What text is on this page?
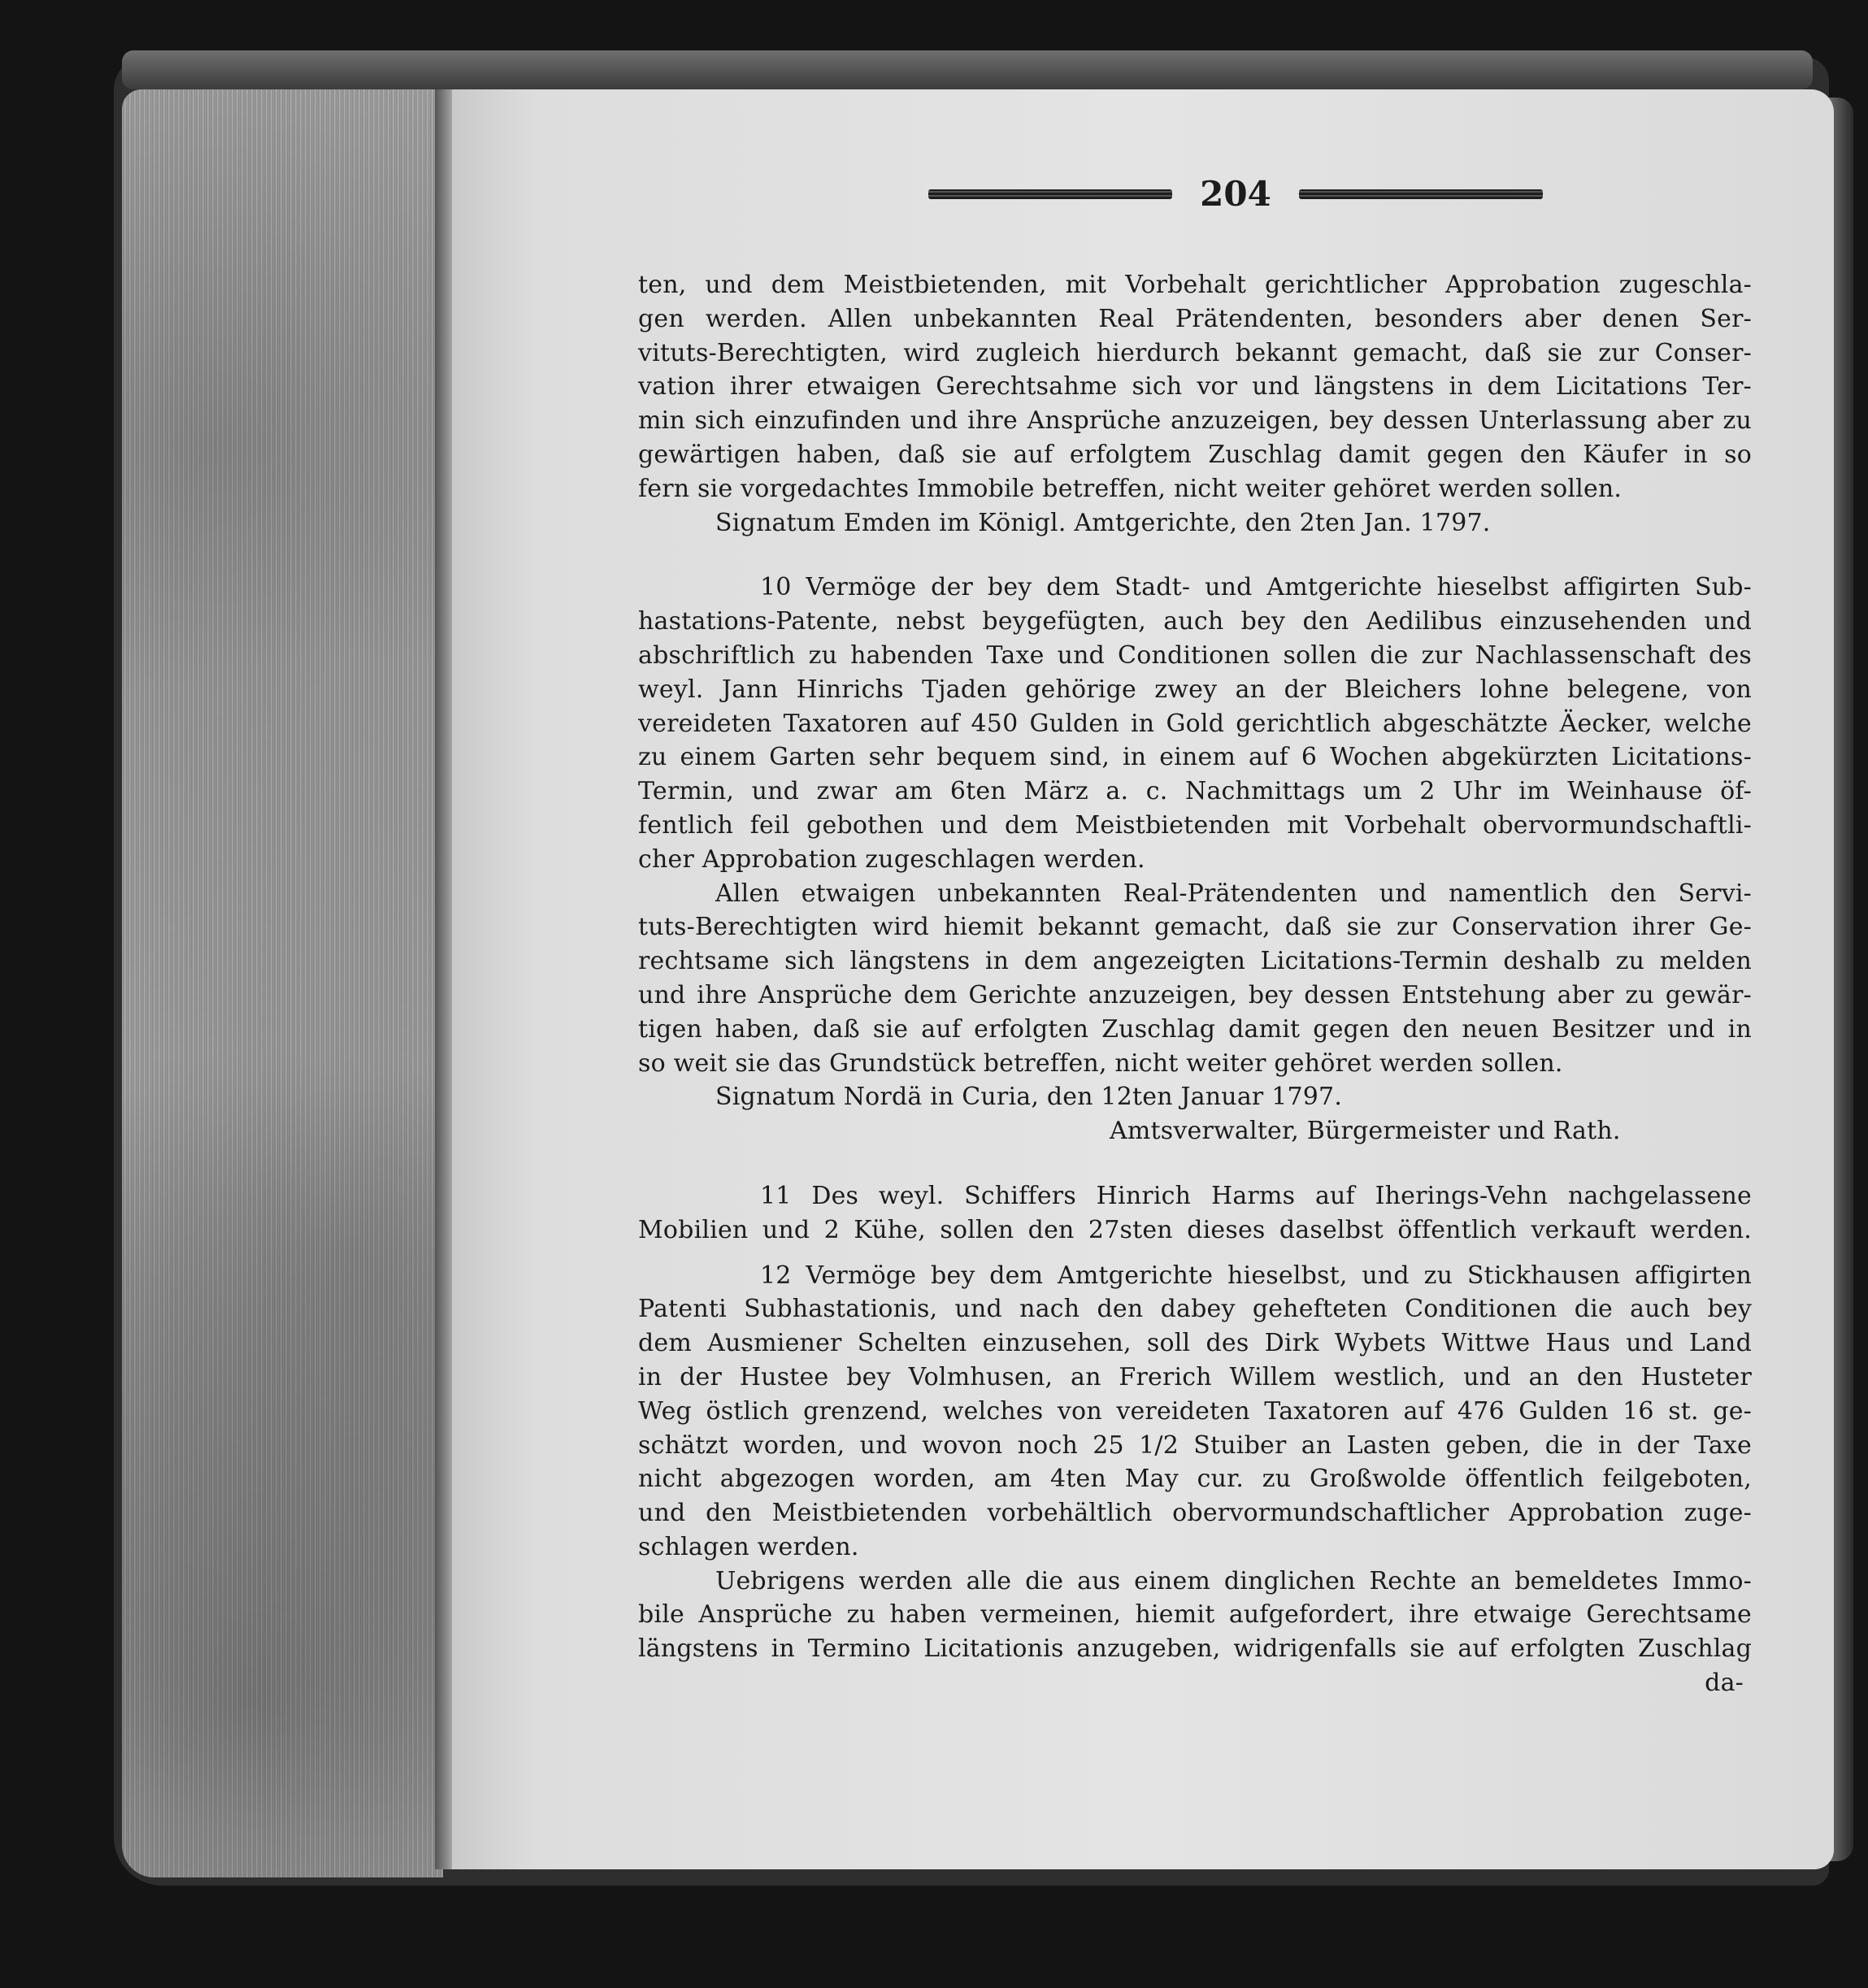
204
ten, und dem Meistbietenden, mit Vorbehalt gerichtlicher Approbation zugeschla-
gen werden. Allen unbekannten Real Prätendenten, besonders aber denen Ser-
vituts-Berechtigten, wird zugleich hierdurch bekannt gemacht, daß sie zur Conser-
vation ihrer etwaigen Gerechtsahme sich vor und längstens in dem Licitations Ter-
min sich einzufinden und ihre Ansprüche anzuzeigen, bey dessen Unterlassung aber zu
gewärtigen haben, daß sie auf erfolgtem Zuschlag damit gegen den Käufer in so
fern sie vorgedachtes Immobile betreffen, nicht weiter gehöret werden sollen.
Signatum Emden im Königl. Amtgerichte, den 2ten Jan. 1797.
10 Vermöge der bey dem Stadt- und Amtgerichte hieselbst affigirten Sub-
hastations-Patente, nebst beygefügten, auch bey den Aedilibus einzusehenden und
abschriftlich zu habenden Taxe und Conditionen sollen die zur Nachlassenschaft des
weyl. Jann Hinrichs Tjaden gehörige zwey an der Bleichers lohne belegene, von
vereideten Taxatoren auf 450 Gulden in Gold gerichtlich abgeschätzte Äecker, welche
zu einem Garten sehr bequem sind, in einem auf 6 Wochen abgekürzten Licitations-
Termin, und zwar am 6ten März a. c. Nachmittags um 2 Uhr im Weinhause öf-
fentlich feil gebothen und dem Meistbietenden mit Vorbehalt obervormundschaftli-
cher Approbation zugeschlagen werden.
Allen etwaigen unbekannten Real-Prätendenten und namentlich den Servi-
tuts-Berechtigten wird hiemit bekannt gemacht, daß sie zur Conservation ihrer Ge-
rechtsame sich längstens in dem angezeigten Licitations-Termin deshalb zu melden
und ihre Ansprüche dem Gerichte anzuzeigen, bey dessen Entstehung aber zu gewär-
tigen haben, daß sie auf erfolgten Zuschlag damit gegen den neuen Besitzer und in
so weit sie das Grundstück betreffen, nicht weiter gehöret werden sollen.
Signatum Nordä in Curia, den 12ten Januar 1797.
Amtsverwalter, Bürgermeister und Rath.
11 Des weyl. Schiffers Hinrich Harms auf Iherings-Vehn nachgelassene
Mobilien und 2 Kühe, sollen den 27sten dieses daselbst öffentlich verkauft werden.
12 Vermöge bey dem Amtgerichte hieselbst, und zu Stickhausen affigirten
Patenti Subhastationis, und nach den dabey gehefteten Conditionen die auch bey
dem Ausmiener Schelten einzusehen, soll des Dirk Wybets Wittwe Haus und Land
in der Hustee bey Volmhusen, an Frerich Willem westlich, und an den Husteter
Weg östlich grenzend, welches von vereideten Taxatoren auf 476 Gulden 16 st. ge-
schätzt worden, und wovon noch 25 1/2 Stuiber an Lasten geben, die in der Taxe
nicht abgezogen worden, am 4ten May cur. zu Großwolde öffentlich feilgeboten,
und den Meistbietenden vorbehältlich obervormundschaftlicher Approbation zuge-
schlagen werden.
Uebrigens werden alle die aus einem dinglichen Rechte an bemeldetes Immo-
bile Ansprüche zu haben vermeinen, hiemit aufgefordert, ihre etwaige Gerechtsame
längstens in Termino Licitationis anzugeben, widrigenfalls sie auf erfolgten Zuschlag
da-
